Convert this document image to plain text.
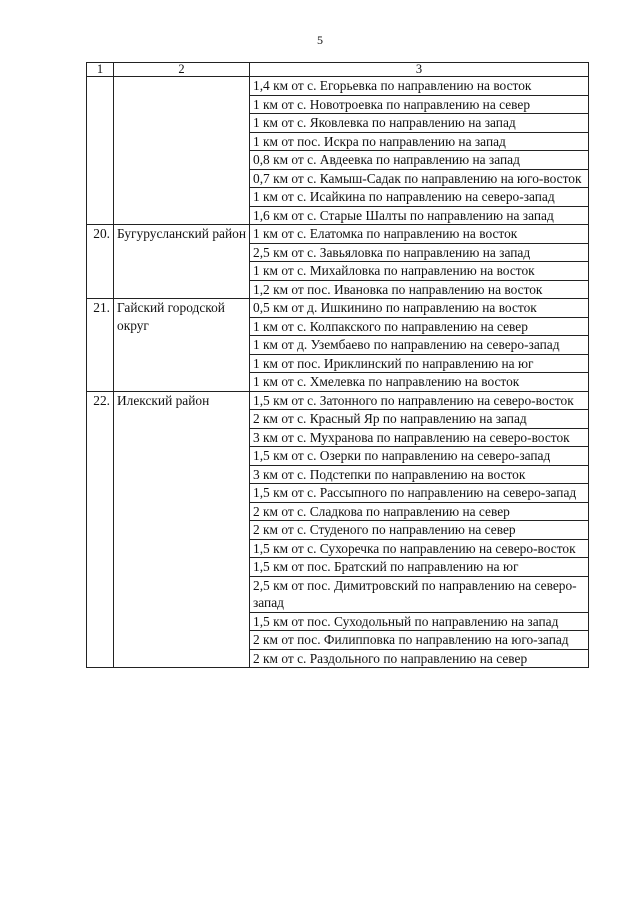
5
1	2	3
		1,4 км от с. Егорьевка по направлению на восток
		1 км от с. Новотроевка по направлению на север
		1 км от с. Яковлевка по направлению на запад
		1 км от пос. Искра по направлению на запад
		0,8 км от с. Авдеевка по направлению на запад
		0,7 км от с. Камыш-Садак по направлению на юго-восток
		1 км от с. Исайкина по направлению на северо-запад
		1,6 км от с. Старые Шалты по направлению на запад
20.	Бугурусланский район	1 км от с. Елатомка по направлению на восток
		2,5 км от с. Завьяловка по направлению на запад
		1 км от с. Михайловка по направлению на восток
		1,2 км от пос. Ивановка по направлению на восток
21.	Гайский городской округ	0,5 км от д. Ишкинино по направлению на восток
		1 км от с. Колпакского по направлению на север
		1 км от д. Узембаево по направлению на северо-запад
		1 км от пос. Ириклинский по направлению на юг
		1 км от с. Хмелевка по направлению на восток
22.	Илекский район	1,5 км от с. Затонного по направлению на северо-восток
		2 км от с. Красный Яр по направлению на запад
		3 км от с. Мухранова по направлению на северо-восток
		1,5 км от с. Озерки по направлению на северо-запад
		3 км от с. Подстепки по направлению на восток
		1,5 км от с. Рассыпного по направлению на северо-запад
		2 км от с. Сладкова по направлению на север
		2 км от с. Студеного по направлению на север
		1,5 км от с. Сухоречка по направлению на северо-восток
		1,5 км от пос. Братский по направлению на юг
		2,5 км от пос. Димитровский по направлению на северо-запад
		1,5 км от пос. Суходольный по направлению на запад
		2 км от пос. Филипповка по направлению на юго-запад
		2 км от с. Раздольного по направлению на север
